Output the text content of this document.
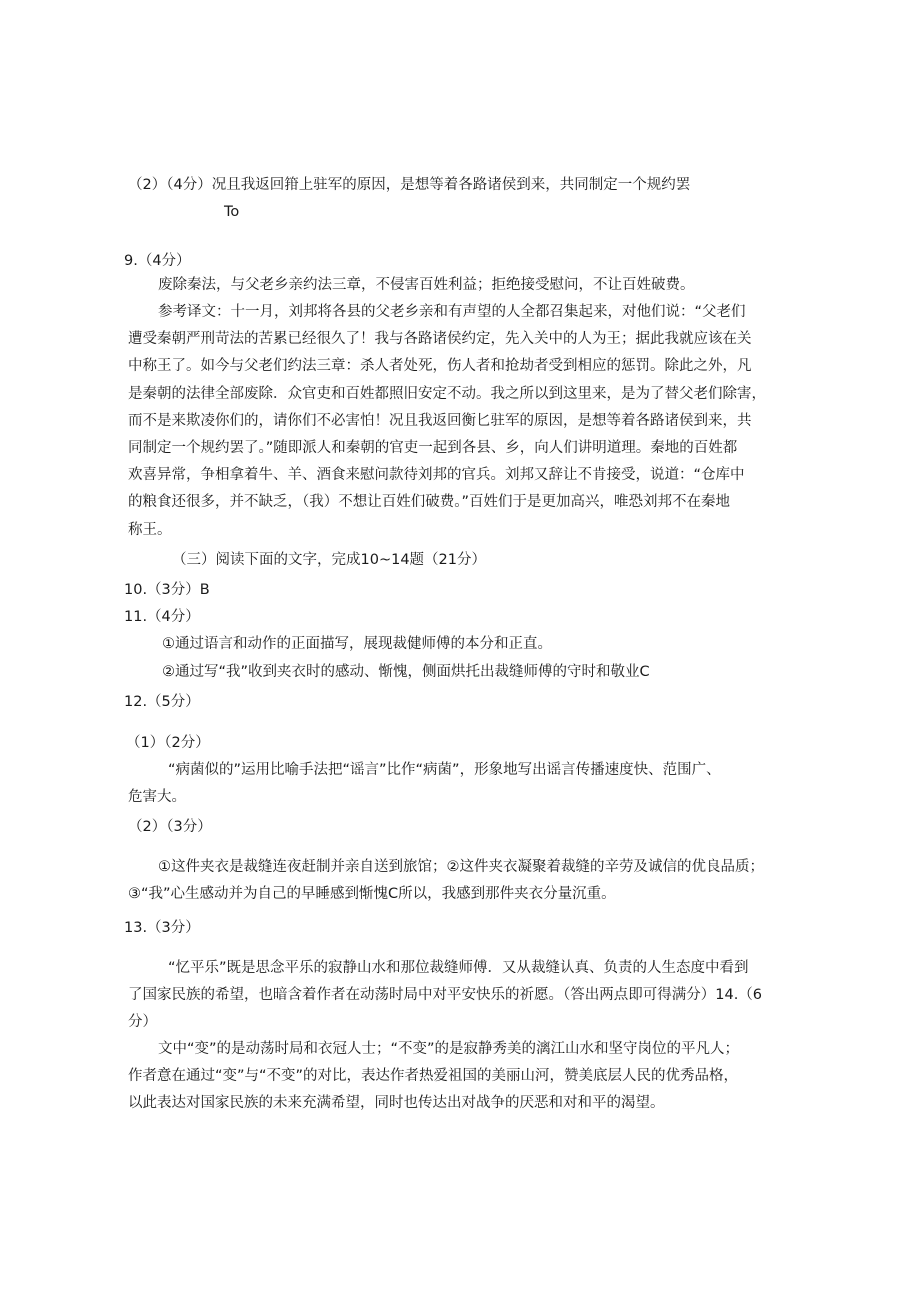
（2）（4分）况且我返回箝上驻军的原因，是想等着各路诸侯到来，共同制定一个规约罢
To
9.（4分）
废除秦法，与父老乡亲约法三章，不侵害百姓利益；拒绝接受慰问，不让百姓破费。
参考译文：十一月，刘邦将各县的父老乡亲和有声望的人全都召集起来，对他们说：“父老们
遭受秦朝严刑苛法的苦累已经很久了！我与各路诸侯约定，先入关中的人为王；据此我就应该在关
中称王了。如今与父老们约法三章：杀人者处死，伤人者和抢劫者受到相应的惩罚。除此之外，凡
是秦朝的法律全部废除．众官吏和百姓都照旧安定不动。我之所以到这里来，是为了替父老们除害，
而不是来欺凌你们的，请你们不必害怕！况且我返回衡匕驻军的原因，是想等着各路诸侯到来，共
同制定一个规约罢了。”随即派人和秦朝的官吏一起到各县、乡，向人们讲明道理。秦地的百姓都
欢喜异常，争相拿着牛、羊、酒食来慰问款待刘邦的官兵。刘邦又辞让不肯接受，说道：“仓库中
的粮食还很多，并不缺乏，（我）不想让百姓们破费。”百姓们于是更加高兴，唯恐刘邦不在秦地
称王。
（三）阅读下面的文字，完成10~14题（21分）
10.（3分）B
11.（4分）
①通过语言和动作的正面描写，展现裁健师傅的本分和正直。
②通过写“我”收到夹衣时的感动、惭愧，侧面烘托出裁缝师傅的守时和敬业C
12.（5分）
（1）（2分）
“病菌似的”运用比喻手法把“谣言”比作“病菌”，形象地写出谣言传播速度快、范围广、
危害大。
（2）（3分）
①这件夹衣是裁缝连夜赶制并亲自送到旅馆；②这件夹衣凝聚着裁缝的辛劳及诚信的优良品质；
③“我”心生感动并为自己的早睡感到惭愧C所以，我感到那件夹衣分量沉重。
13.（3分）
“忆平乐”既是思念平乐的寂静山水和那位裁缝师傅．又从裁缝认真、负责的人生态度中看到
了国家民族的希望，也暗含着作者在动荡时局中对平安快乐的祈愿。（答出两点即可得满分）14.（6
分）
文中“变”的是动荡时局和衣冠人士；“不变”的是寂静秀美的漓江山水和坚守岗位的平凡人；
作者意在通过“变”与“不变”的对比，表达作者热爱祖国的美丽山河，赞美底层人民的优秀品格，
以此表达对国家民族的未来充满希望，同时也传达出对战争的厌恶和对和平的渴望。
